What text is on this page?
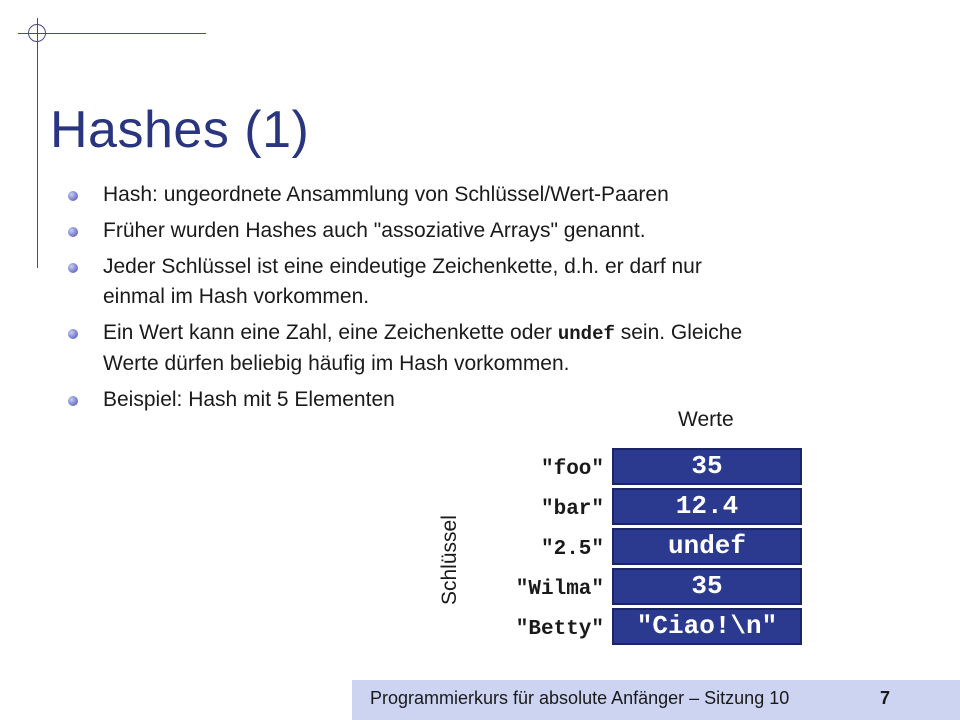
Hashes (1)
Hash: ungeordnete Ansammlung von Schlüssel/Wert-Paaren
Früher wurden Hashes auch "assoziative Arrays" genannt.
Jeder Schlüssel ist eine eindeutige Zeichenkette, d.h. er darf nur
einmal im Hash vorkommen.
Ein Wert kann eine Zahl, eine Zeichenkette oder undef sein. Gleiche
Werte dürfen beliebig häufig im Hash vorkommen.
Beispiel: Hash mit 5 Elementen
Werte
Schlüssel
"foo"
"bar"
"2.5"
"Wilma"
"Betty"
35
12.4
undef
35
"Ciao!\n"
Programmierkurs für absolute Anfänger – Sitzung 10	7
